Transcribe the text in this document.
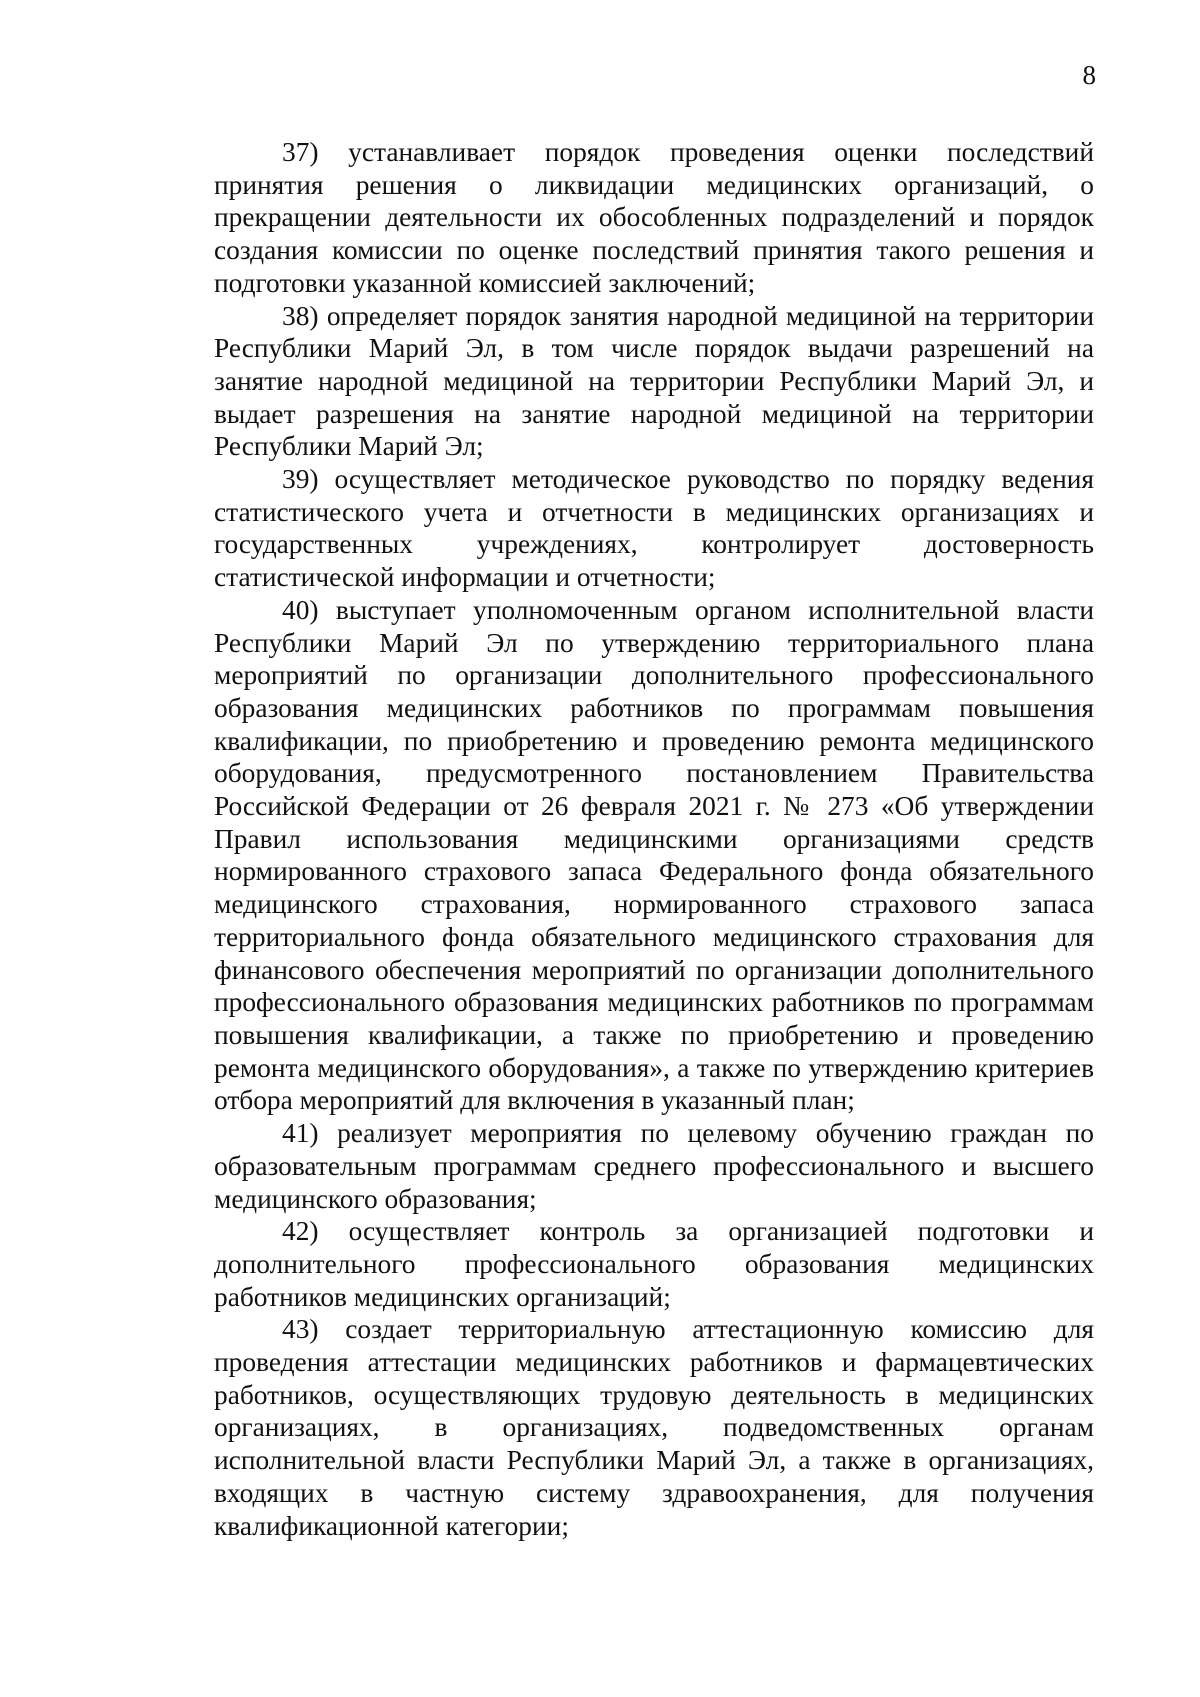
8

37) устанавливает порядок проведения оценки последствий принятия решения о ликвидации медицинских организаций, о прекращении деятельности их обособленных подразделений и порядок создания комиссии по оценке последствий принятия такого решения и подготовки указанной комиссией заключений;

38) определяет порядок занятия народной медициной на территории Республики Марий Эл, в том числе порядок выдачи разрешений на занятие народной медициной на территории Республики Марий Эл, и выдает разрешения на занятие народной медициной на территории Республики Марий Эл;

39) осуществляет методическое руководство по порядку ведения статистического учета и отчетности в медицинских организациях и государственных учреждениях, контролирует достоверность статистической информации и отчетности;

40) выступает уполномоченным органом исполнительной власти Республики Марий Эл по утверждению территориального плана мероприятий по организации дополнительного профессионального образования медицинских работников по программам повышения квалификации, по приобретению и проведению ремонта медицинского оборудования, предусмотренного постановлением Правительства Российской Федерации от 26 февраля 2021 г. № 273 «Об утверждении Правил использования медицинскими организациями средств нормированного страхового запаса Федерального фонда обязательного медицинского страхования, нормированного страхового запаса территориального фонда обязательного медицинского страхования для финансового обеспечения мероприятий по организации дополнительного профессионального образования медицинских работников по программам повышения квалификации, а также по приобретению и проведению ремонта медицинского оборудования», а также по утверждению критериев отбора мероприятий для включения в указанный план;

41) реализует мероприятия по целевому обучению граждан по образовательным программам среднего профессионального и высшего медицинского образования;

42) осуществляет контроль за организацией подготовки и дополнительного профессионального образования медицинских работников медицинских организаций;

43) создает территориальную аттестационную комиссию для проведения аттестации медицинских работников и фармацевтических работников, осуществляющих трудовую деятельность в медицинских организациях, в организациях, подведомственных органам исполнительной власти Республики Марий Эл, а также в организациях, входящих в частную систему здравоохранения, для получения квалификационной категории;
